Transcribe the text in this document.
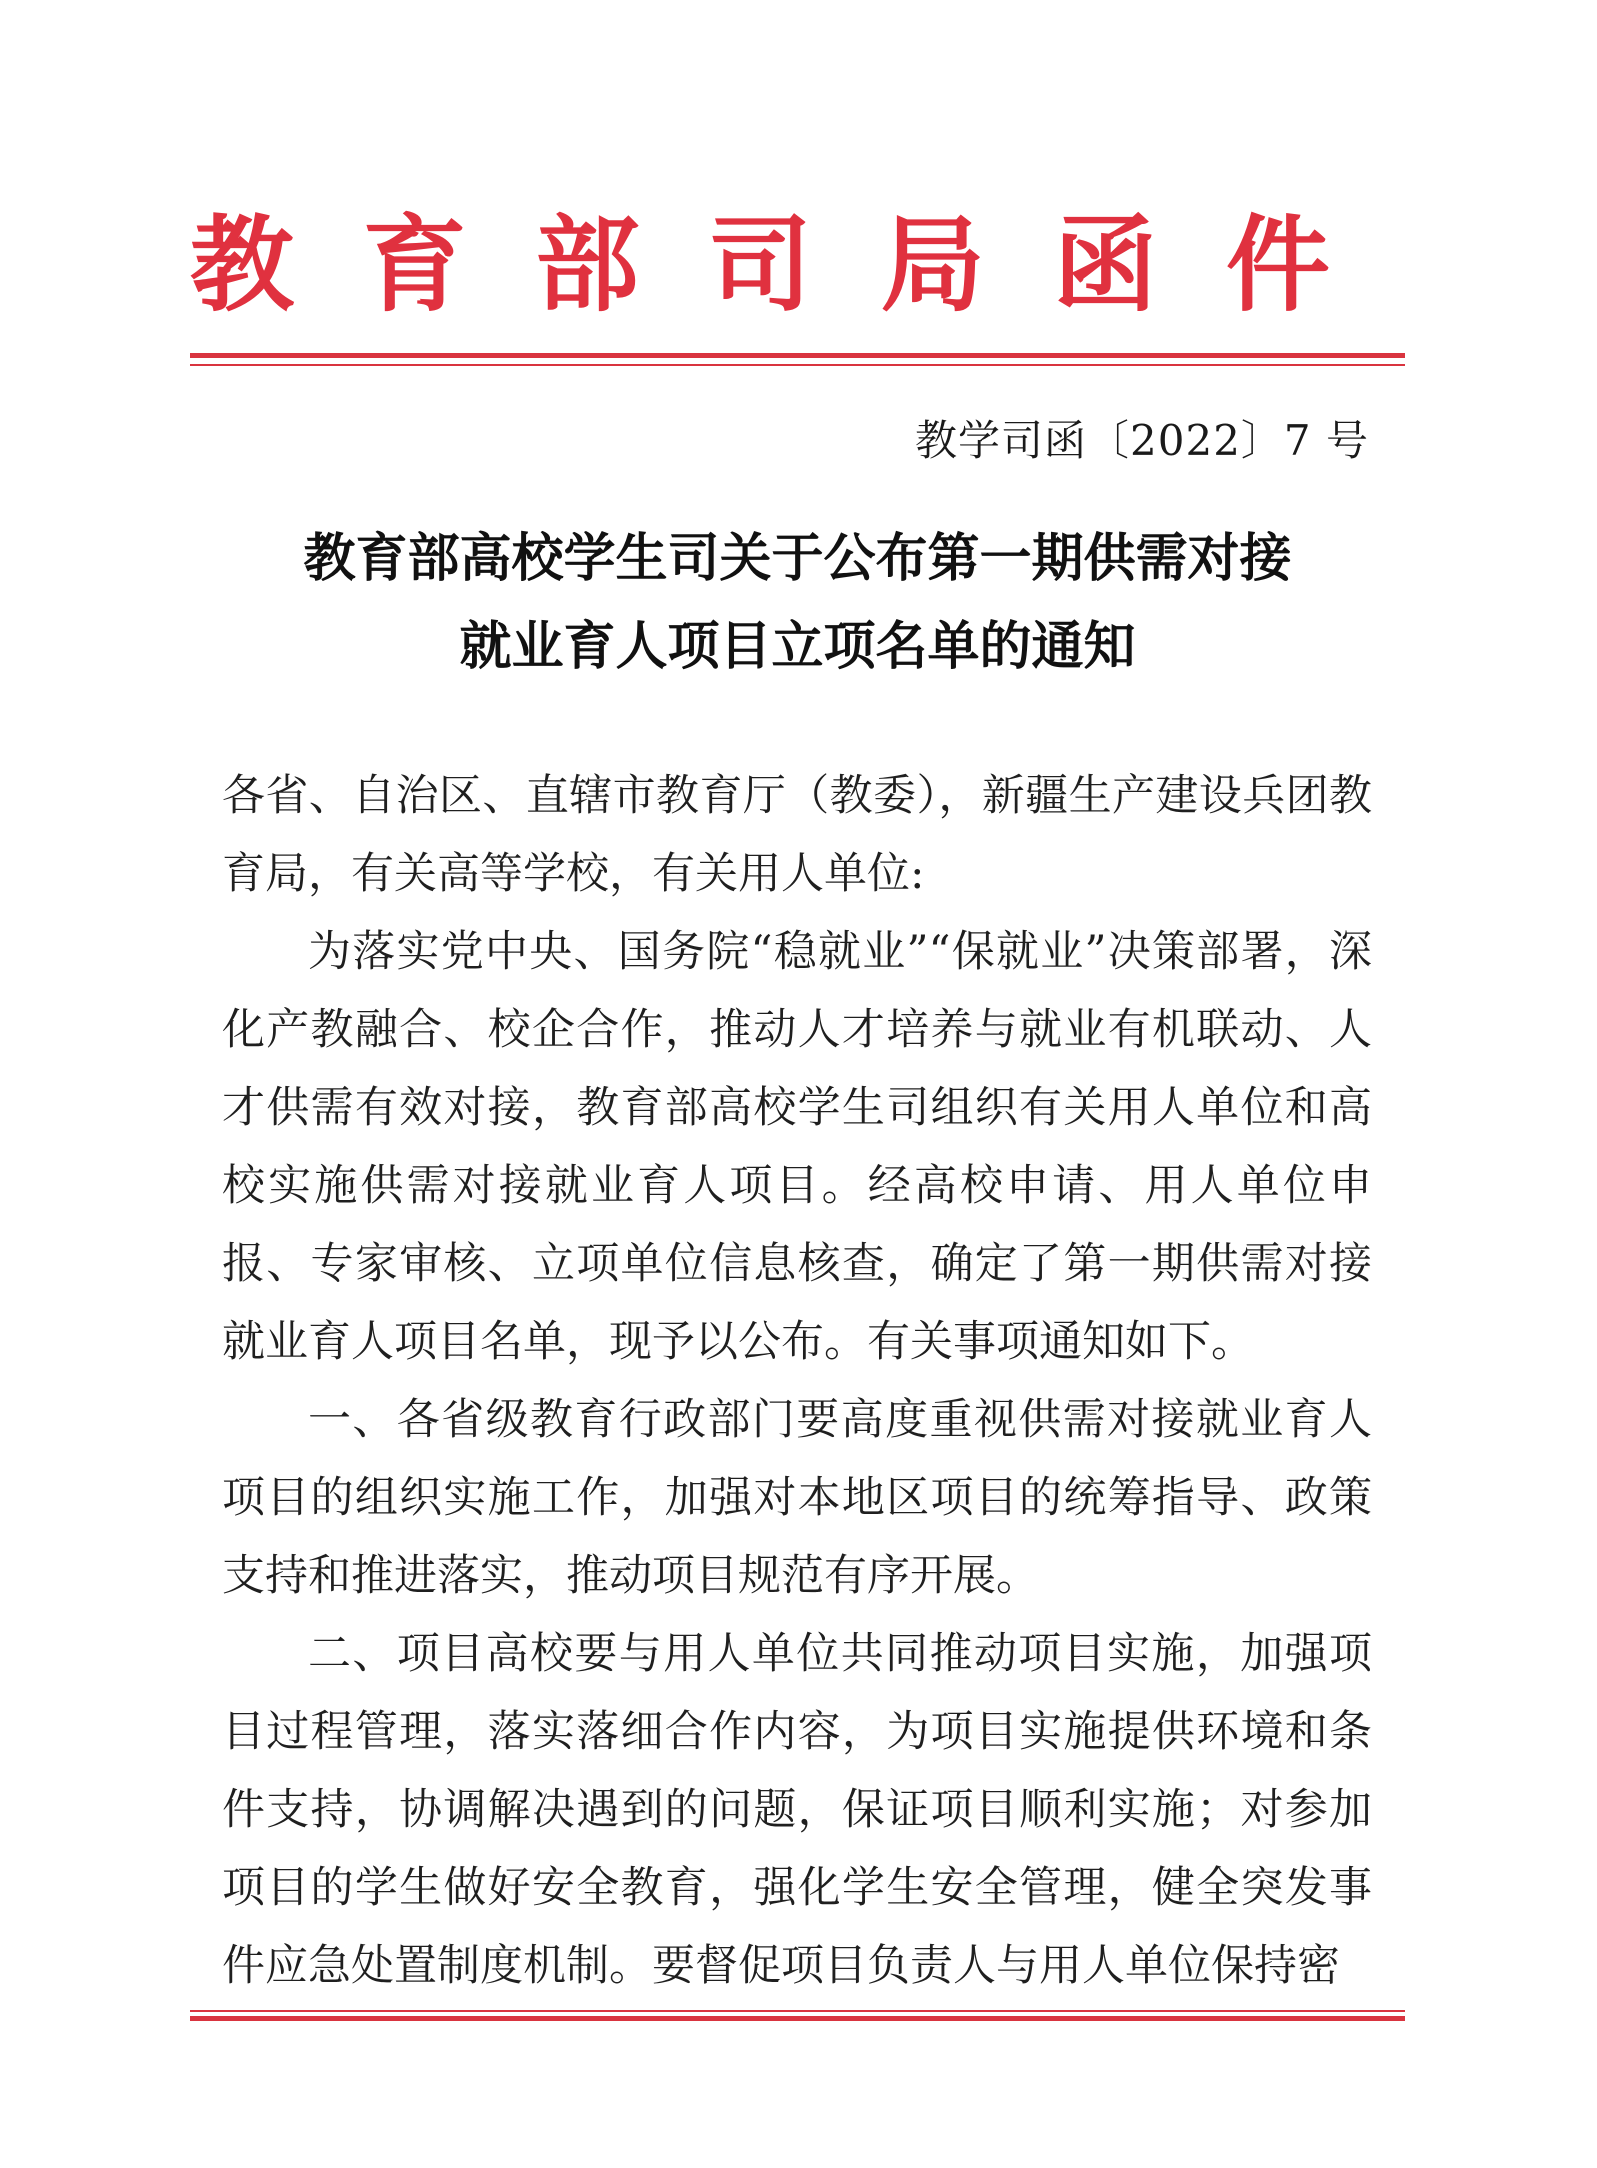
教 育 部 司 局 函 件
教学司函〔2022〕7 号
教育部高校学生司关于公布第一期供需对接
就业育人项目立项名单的通知

各省、自治区、直辖市教育厅（教委），新疆生产建设兵团教育局，有关高等学校，有关用人单位:

为落实党中央、国务院“稳就业”“保就业”决策部署，深化产教融合、校企合作，推动人才培养与就业有机联动、人才供需有效对接，教育部高校学生司组织有关用人单位和高校实施供需对接就业育人项目。经高校申请、用人单位申报、专家审核、立项单位信息核查，确定了第一期供需对接就业育人项目名单，现予以公布。有关事项通知如下。

一、各省级教育行政部门要高度重视供需对接就业育人项目的组织实施工作，加强对本地区项目的统筹指导、政策支持和推进落实，推动项目规范有序开展。

二、项目高校要与用人单位共同推动项目实施，加强项目过程管理，落实落细合作内容，为项目实施提供环境和条件支持，协调解决遇到的问题，保证项目顺利实施；对参加项目的学生做好安全教育，强化学生安全管理，健全突发事件应急处置制度机制。要督促项目负责人与用人单位保持密
